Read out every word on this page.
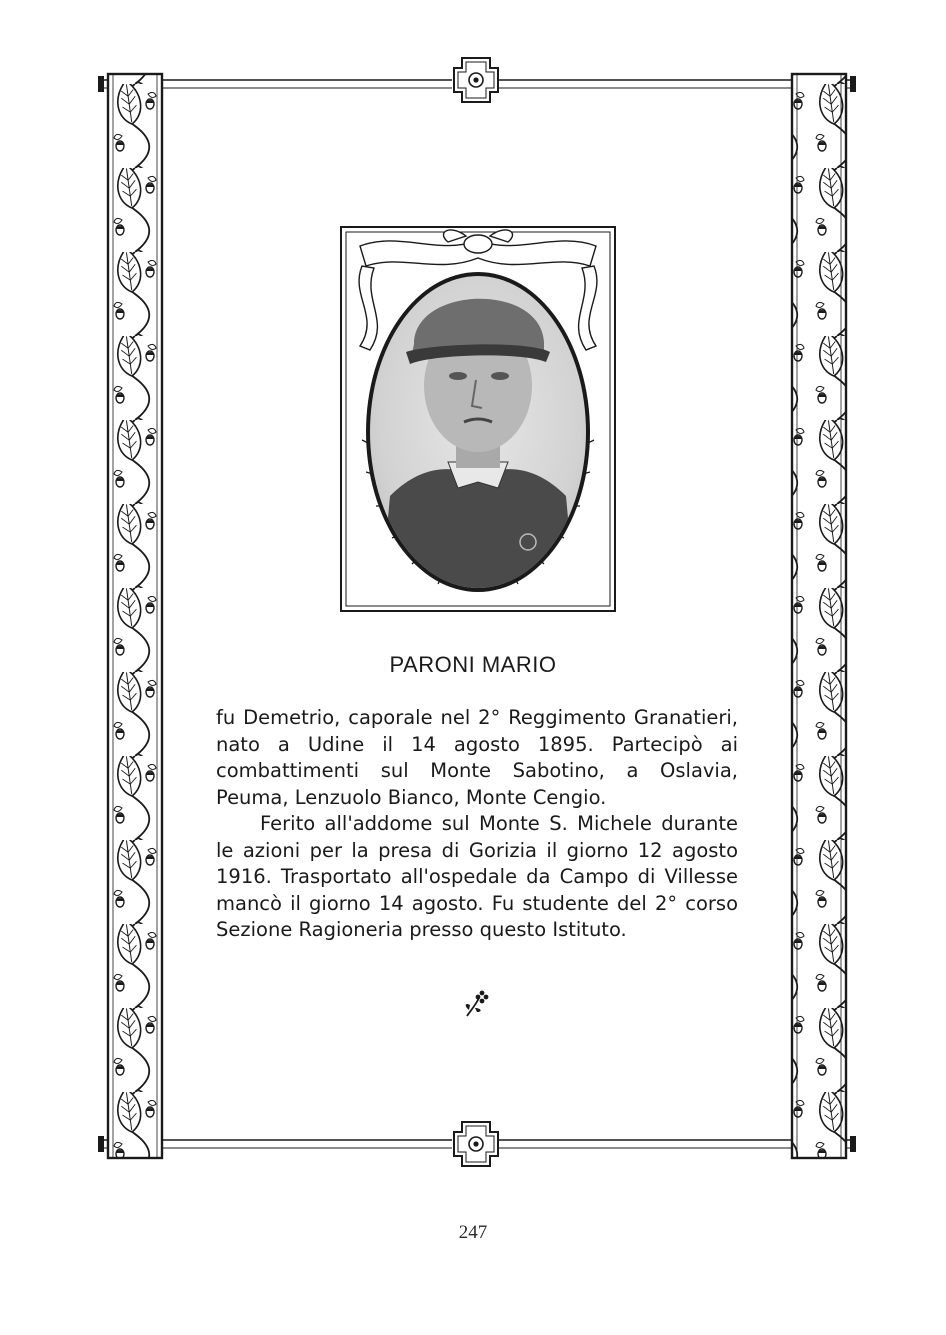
PARONI MARIO

fu Demetrio, caporale nel 2° Reggimento Granatieri, nato a Udine il 14 agosto 1895. Partecipò ai combattimenti sul Monte Sabotino, a Oslavia, Peuma, Lenzuolo Bianco, Monte Cengio.

Ferito all'addome sul Monte S. Michele durante le azioni per la presa di Gorizia il giorno 12 agosto 1916. Trasportato all'ospedale da Campo di Villesse mancò il giorno 14 agosto. Fu studente del 2° corso Sezione Ragioneria presso questo Istituto.

247
